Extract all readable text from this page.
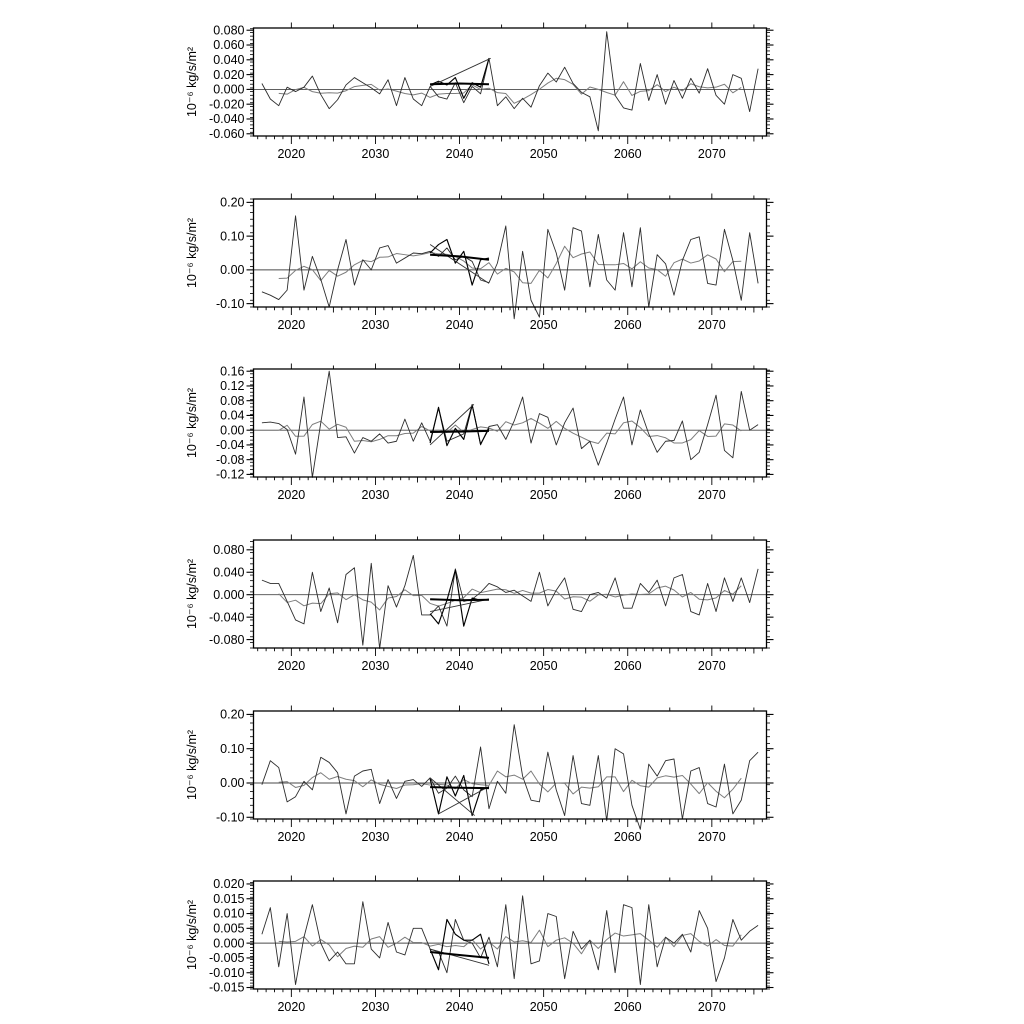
2020	2030	2040	2050	2060	2070
0.080
0.060
0.040
0.020
0.000
-0.020
-0.040
-0.060
10⁻⁶ kg/s/m²
2020	2030	2040	2050	2060	2070
0.20
0.10
0.00
-0.10
10⁻⁶ kg/s/m²
2020	2030	2040	2050	2060	2070
0.16
0.12
0.08
0.04
0.00
-0.04
-0.08
-0.12
10⁻⁶ kg/s/m²
2020	2030	2040	2050	2060	2070
0.080
0.040
0.000
-0.040
-0.080
10⁻⁶ kg/s/m²
2020	2030	2040	2050	2060	2070
0.20
0.10
0.00
-0.10
10⁻⁶ kg/s/m²
2020	2030	2040	2050	2060	2070
0.020
0.015
0.010
0.005
0.000
-0.005
-0.010
-0.015
10⁻⁶ kg/s/m²
